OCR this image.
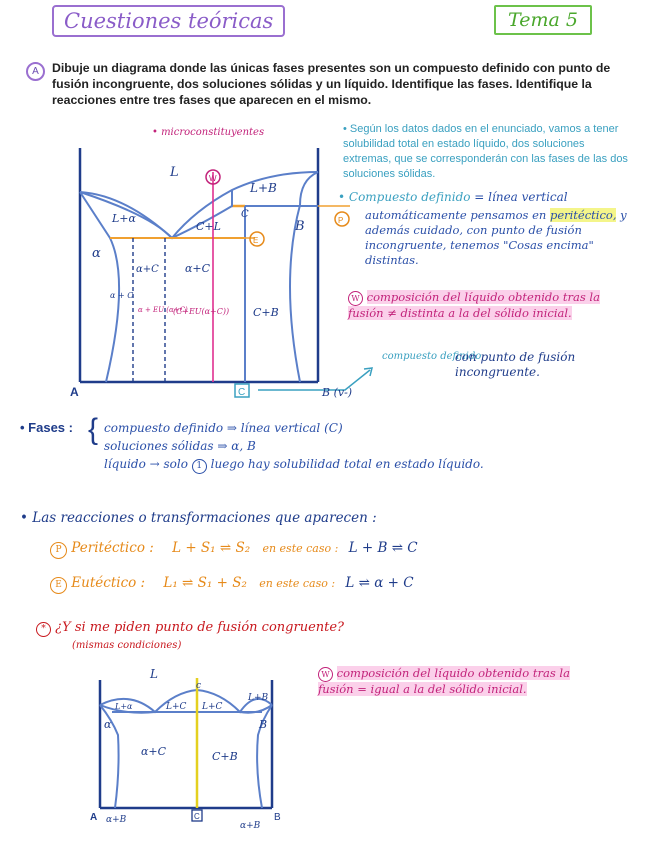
Cuestiones teóricas	Tema 5
A	Dibuje un diagrama donde las únicas fases presentes son un compuesto definido con punto de fusión incongruente, dos soluciones sólidas y un líquido. Identifique las fases. Identifique la reacciones entre tres fases que aparecen en el mismo.
• microconstituyentes
L
L+B
L+α
C+L
C
α
B
α+C α+C
C+B
α + C
α + EU (α+C)
(C+EU(α+C))
A	B (v-)
C
W
E
P
• Según los datos dados en el enunciado, vamos a tener solubilidad total en estado líquido, dos soluciones extremas, que se corresponderán con las fases de las dos soluciones sólidas.
• Compuesto definido = línea vertical
automáticamente pensamos en peritéctico, y además cuidado, con punto de fusión incongruente, tenemos "Cosas encima" distintas.
W composición del líquido obtenido tras la fusión ≠ distinta a la del sólido inicial.
compuesto definido
con punto de fusión incongruente.
• Fases : { compuesto definido ⇒ línea vertical (C)
soluciones sólidas ⇒ α, B
líquido → solo 1 luego hay solubilidad total en estado líquido.
• Las reacciones o transformaciones que aparecen :
P Peritéctico : L + S₁ ⇌ S₂ en este caso : L + B ⇌ C
E Eutéctico : L₁ ⇌ S₁ + S₂ en este caso : L ⇌ α + C
* ¿Y si me piden punto de fusión congruente?
(mismas condiciones)
L
c
L+B
L+α	L+C L+C
α
α+C	C+B
B
A	B
α+B
α+B
C
W composición del líquido obtenido tras la fusión = igual a la del sólido inicial.
